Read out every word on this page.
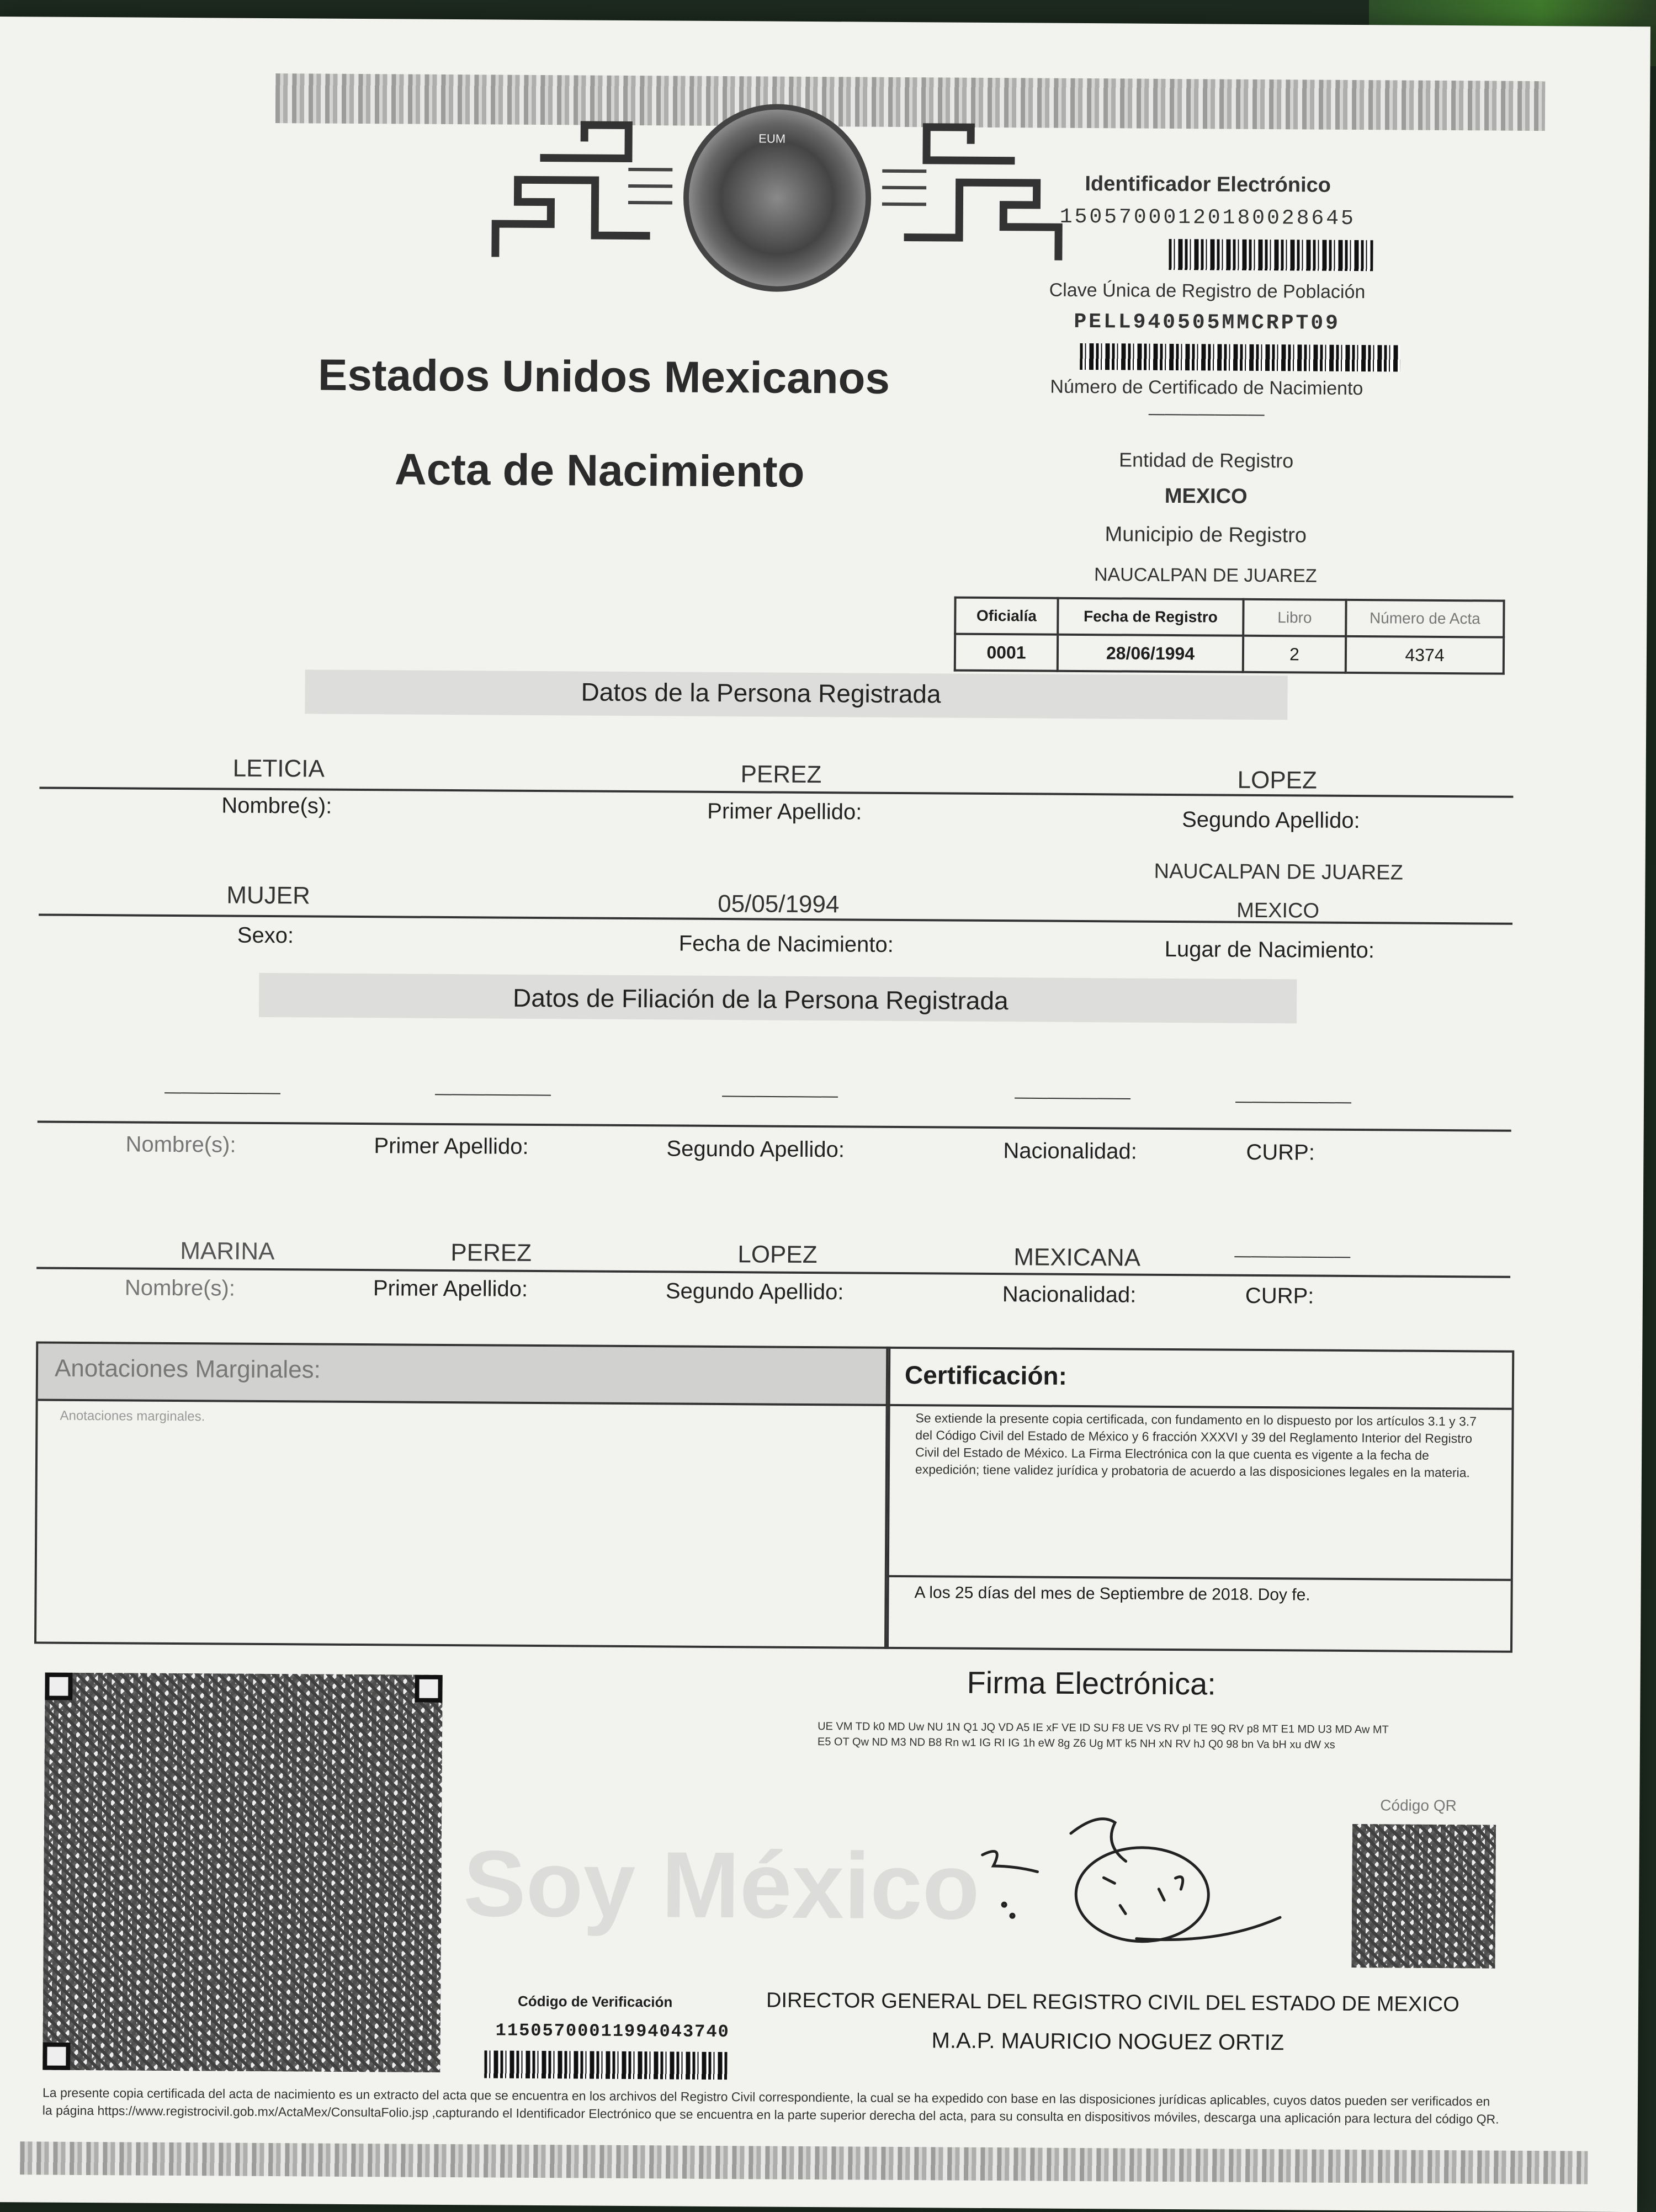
EUM
Identificador Electrónico
15057000120180028645
Clave Única de Registro de Población
PELL940505MMCRPT09
Número de Certificado de Nacimiento
———————
Entidad de Registro
MEXICO
Municipio de Registro
NAUCALPAN DE JUAREZ
Estados Unidos Mexicanos
Acta de Nacimiento
Oficialía	Fecha de Registro	Libro	Número de Acta
0001	28/06/1994	2	4374
Datos de la Persona Registrada
LETICIA	PEREZ	LOPEZ
Nombre(s):	Primer Apellido:	Segundo Apellido:
NAUCALPAN DE JUAREZ
MUJER	05/05/1994	MEXICO
Sexo:	Fecha de Nacimiento:	Lugar de Nacimiento:
Datos de Filiación de la Persona Registrada
———————	———————	———————	———————	———————
Nombre(s):	Primer Apellido:	Segundo Apellido:	Nacionalidad:	CURP:
MARINA	PEREZ	LOPEZ	MEXICANA	———————
Nombre(s):	Primer Apellido:	Segundo Apellido:	Nacionalidad:	CURP:
Anotaciones Marginales:
Anotaciones marginales.
Certificación:
Se extiende la presente copia certificada, con fundamento en lo dispuesto por los artículos 3.1 y 3.7 del Código Civil del Estado de México y 6 fracción XXXVI y 39 del Reglamento Interior del Registro Civil del Estado de México. La Firma Electrónica con la que cuenta es vigente a la fecha de expedición; tiene validez jurídica y probatoria de acuerdo a las disposiciones legales en la materia.
A los 25 días del mes de Septiembre de 2018. Doy fe.
Firma Electrónica:
UE VM TD k0 MD Uw NU 1N Q1 JQ VD A5 IE xF VE ID SU F8 UE VS RV pl TE 9Q RV p8 MT E1 MD U3 MD Aw MT E5 OT Qw ND M3 ND B8 Rn w1 IG RI IG 1h eW 8g Z6 Ug MT k5 NH xN RV hJ Q0 98 bn Va bH xu dW xs
Código QR
Soy México
Código de Verificación
11505700011994043740
DIRECTOR GENERAL DEL REGISTRO CIVIL DEL ESTADO DE MEXICO
M.A.P. MAURICIO NOGUEZ ORTIZ
La presente copia certificada del acta de nacimiento es un extracto del acta que se encuentra en los archivos del Registro Civil correspondiente, la cual se ha expedido con base en las disposiciones jurídicas aplicables, cuyos datos pueden ser verificados en la página https://www.registrocivil.gob.mx/ActaMex/ConsultaFolio.jsp ,capturando el Identificador Electrónico que se encuentra en la parte superior derecha del acta, para su consulta en dispositivos móviles, descarga una aplicación para lectura del código QR.
